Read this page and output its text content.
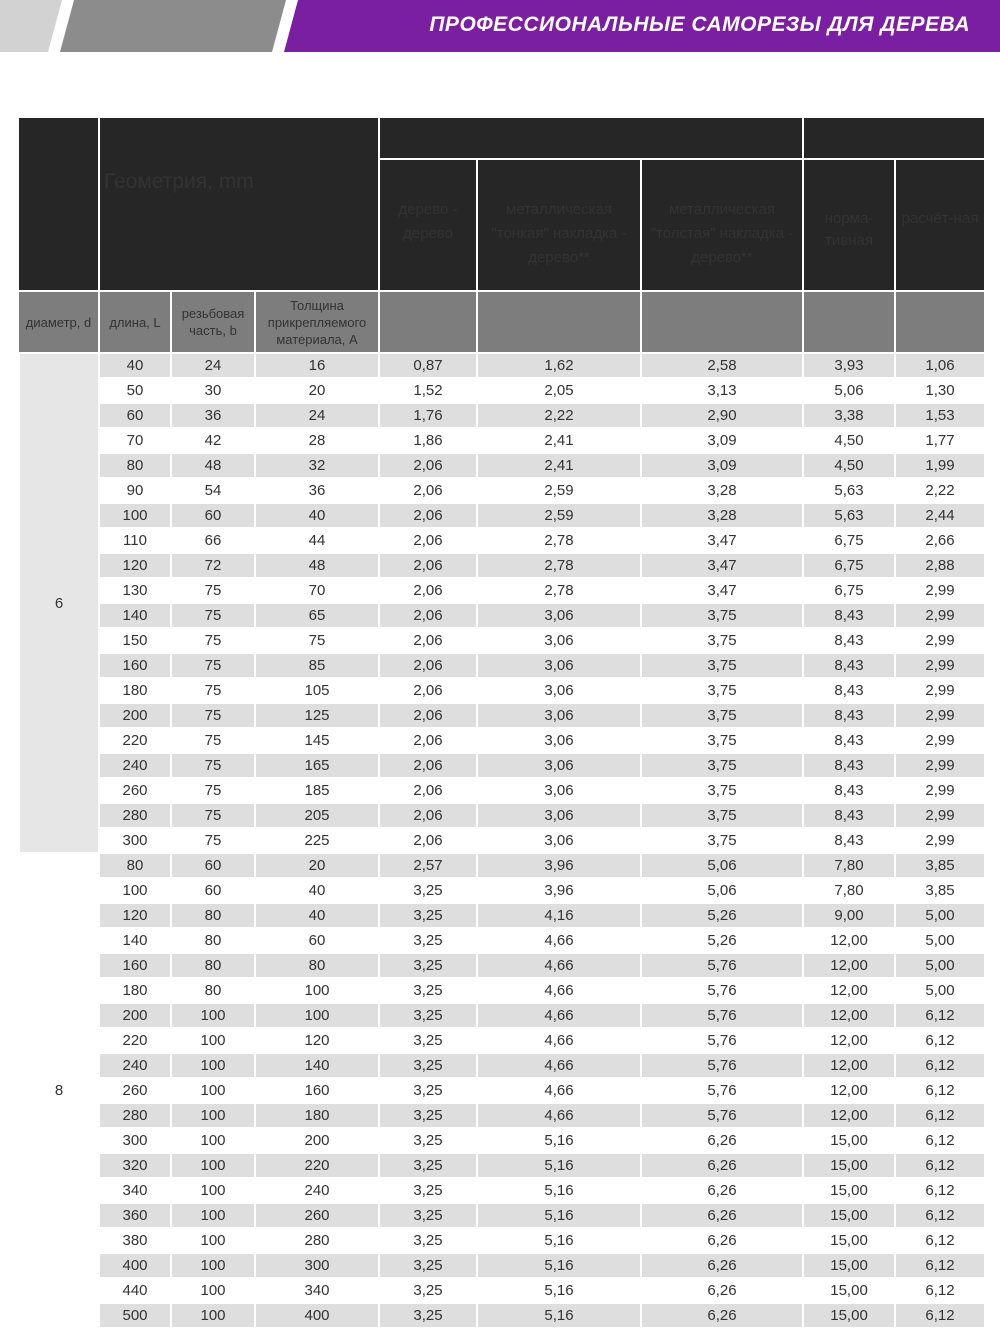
ПРОФЕССИОНАЛЬНЫЕ САМОРЕЗЫ ДЛЯ ДЕРЕВА
	Геометрия, mm							
				дерево - дерево	металлическая "тонкая" накладка - дерево**	металлическая "толстая" накладка - дерево**	норма-тивная	расчёт-ная
диаметр, d	длина, L	резьбовая часть, b	Толщина прикрепляемого материала, A					
6	40	24	16	0,87	1,62	2,58	3,93	1,06
	50	30	20	1,52	2,05	3,13	5,06	1,30
	60	36	24	1,76	2,22	2,90	3,38	1,53
	70	42	28	1,86	2,41	3,09	4,50	1,77
	80	48	32	2,06	2,41	3,09	4,50	1,99
	90	54	36	2,06	2,59	3,28	5,63	2,22
	100	60	40	2,06	2,59	3,28	5,63	2,44
	110	66	44	2,06	2,78	3,47	6,75	2,66
	120	72	48	2,06	2,78	3,47	6,75	2,88
	130	75	70	2,06	2,78	3,47	6,75	2,99
	140	75	65	2,06	3,06	3,75	8,43	2,99
	150	75	75	2,06	3,06	3,75	8,43	2,99
	160	75	85	2,06	3,06	3,75	8,43	2,99
	180	75	105	2,06	3,06	3,75	8,43	2,99
	200	75	125	2,06	3,06	3,75	8,43	2,99
	220	75	145	2,06	3,06	3,75	8,43	2,99
	240	75	165	2,06	3,06	3,75	8,43	2,99
	260	75	185	2,06	3,06	3,75	8,43	2,99
	280	75	205	2,06	3,06	3,75	8,43	2,99
	300	75	225	2,06	3,06	3,75	8,43	2,99
8	80	60	20	2,57	3,96	5,06	7,80	3,85
	100	60	40	3,25	3,96	5,06	7,80	3,85
	120	80	40	3,25	4,16	5,26	9,00	5,00
	140	80	60	3,25	4,66	5,26	12,00	5,00
	160	80	80	3,25	4,66	5,76	12,00	5,00
	180	80	100	3,25	4,66	5,76	12,00	5,00
	200	100	100	3,25	4,66	5,76	12,00	6,12
	220	100	120	3,25	4,66	5,76	12,00	6,12
	240	100	140	3,25	4,66	5,76	12,00	6,12
	260	100	160	3,25	4,66	5,76	12,00	6,12
	280	100	180	3,25	4,66	5,76	12,00	6,12
	300	100	200	3,25	5,16	6,26	15,00	6,12
	320	100	220	3,25	5,16	6,26	15,00	6,12
	340	100	240	3,25	5,16	6,26	15,00	6,12
	360	100	260	3,25	5,16	6,26	15,00	6,12
	380	100	280	3,25	5,16	6,26	15,00	6,12
	400	100	300	3,25	5,16	6,26	15,00	6,12
	440	100	340	3,25	5,16	6,26	15,00	6,12
	500	100	400	3,25	5,16	6,26	15,00	6,12
